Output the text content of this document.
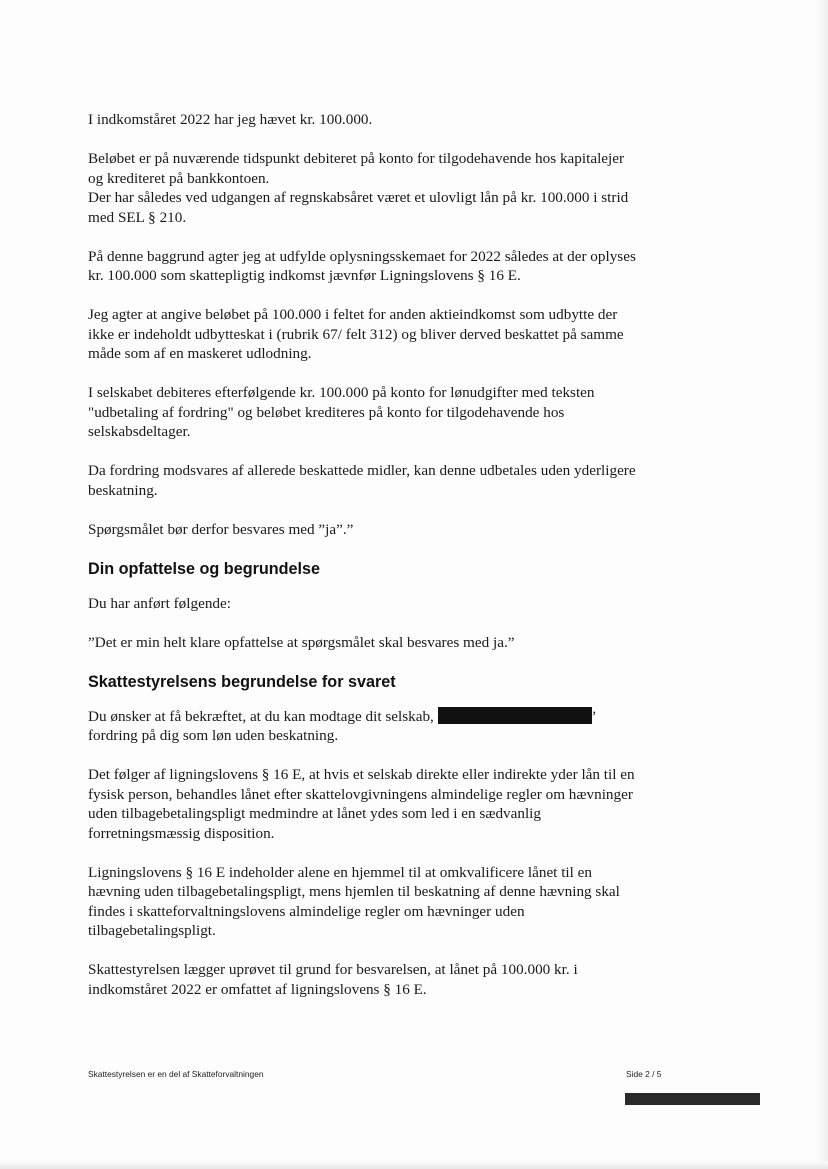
I indkomståret 2022 har jeg hævet kr. 100.000.

Beløbet er på nuværende tidspunkt debiteret på konto for tilgodehavende hos kapitalejer og krediteret på bankkontoen.

Der har således ved udgangen af regnskabsåret været et ulovligt lån på kr. 100.000 i strid med SEL § 210.

På denne baggrund agter jeg at udfylde oplysningsskemaet for 2022 således at der oplyses kr. 100.000 som skattepligtig indkomst jævnfør Ligningslovens § 16 E.

Jeg agter at angive beløbet på 100.000 i feltet for anden aktieindkomst som udbytte der ikke er indeholdt udbytteskat i (rubrik 67/ felt 312) og bliver derved beskattet på samme måde som af en maskeret udlodning.

I selskabet debiteres efterfølgende kr. 100.000 på konto for lønudgifter med teksten "udbetaling af fordring" og beløbet krediteres på konto for tilgodehavende hos selskabsdeltager.

Da fordring modsvares af allerede beskattede midler, kan denne udbetales uden yderligere beskatning.

Spørgsmålet bør derfor besvares med ”ja”.”

Din opfattelse og begrundelse

Du har anført følgende:

”Det er min helt klare opfattelse at spørgsmålet skal besvares med ja.”

Skattestyrelsens begrundelse for svaret

Du ønsker at få bekræftet, at du kan modtage dit selskab,	’ fordring på dig som løn uden beskatning.

Det følger af ligningslovens § 16 E, at hvis et selskab direkte eller indirekte yder lån til en fysisk person, behandles lånet efter skattelovgivningens almindelige regler om hævninger uden tilbagebetalingspligt medmindre at lånet ydes som led i en sædvanlig forretningsmæssig disposition.

Ligningslovens § 16 E indeholder alene en hjemmel til at omkvalificere lånet til en hævning uden tilbagebetalingspligt, mens hjemlen til beskatning af denne hævning skal findes i skatteforvaltningslovens almindelige regler om hævninger uden tilbagebetalingspligt.

Skattestyrelsen lægger uprøvet til grund for besvarelsen, at lånet på 100.000 kr. i indkomståret 2022 er omfattet af ligningslovens § 16 E.

Skattestyrelsen er en del af Skatteforvaltningen	Side 2 / 5
